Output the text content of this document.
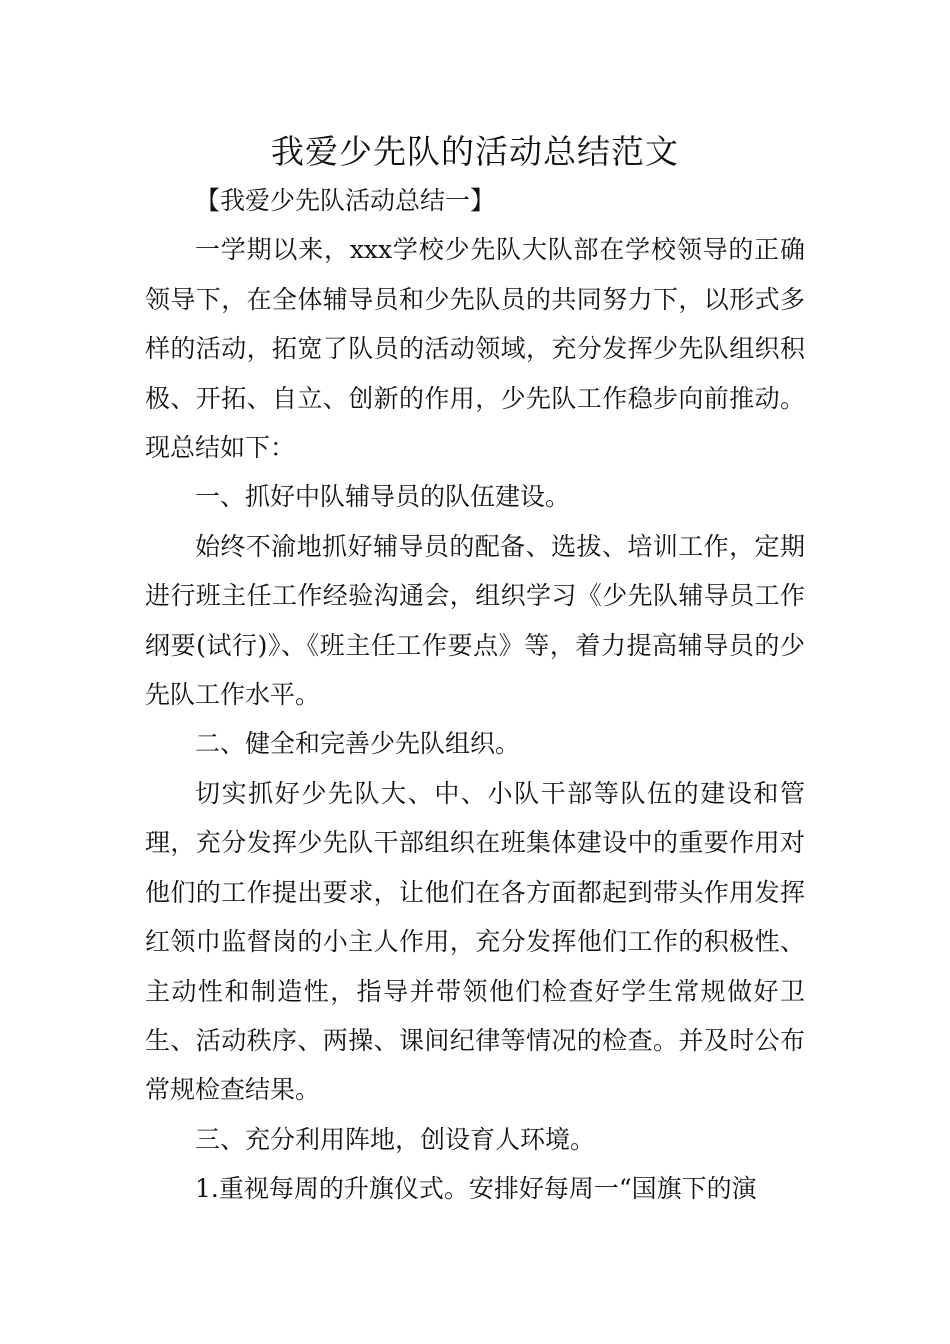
我爱少先队的活动总结范文

【我爱少先队活动总结一】

一学期以来，xxx学校少先队大队部在学校领导的正确领导下，在全体辅导员和少先队员的共同努力下，以形式多样的活动，拓宽了队员的活动领域，充分发挥少先队组织积极、开拓、自立、创新的作用，少先队工作稳步向前推动。现总结如下：

一、抓好中队辅导员的队伍建设。

始终不渝地抓好辅导员的配备、选拔、培训工作，定期进行班主任工作经验沟通会，组织学习《少先队辅导员工作纲要(试行)》、《班主任工作要点》等，着力提高辅导员的少先队工作水平。

二、健全和完善少先队组织。

切实抓好少先队大、中、小队干部等队伍的建设和管理，充分发挥少先队干部组织在班集体建设中的重要作用对他们的工作提出要求，让他们在各方面都起到带头作用发挥红领巾监督岗的小主人作用，充分发挥他们工作的积极性、主动性和制造性，指导并带领他们检查好学生常规做好卫生、活动秩序、两操、课间纪律等情况的检查。并及时公布常规检查结果。

三、充分利用阵地，创设育人环境。

1.重视每周的升旗仪式。安排好每周一“国旗下的演
